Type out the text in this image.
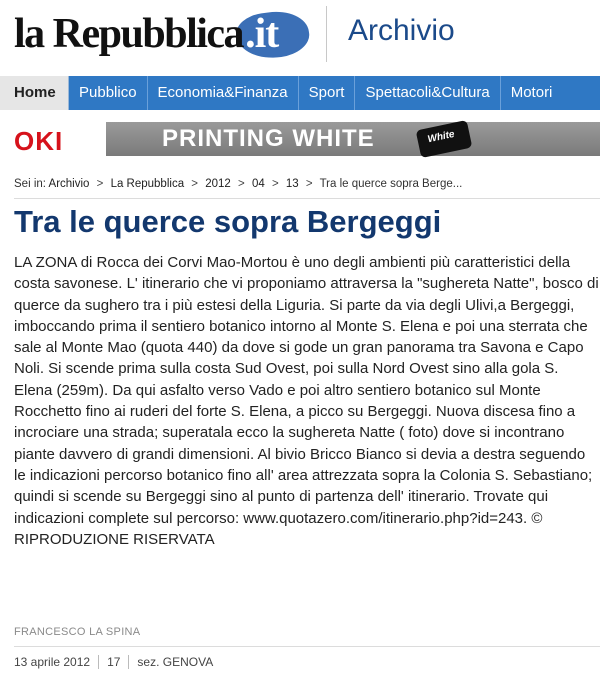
la Repubblica .it Archivio
Home	Pubblico	Economia&Finanza	Sport	Spettacoli&Cultura	Motori
OKI	PRINTING WHITE	White
Sei in: Archivio > La Repubblica > 2012 > 04 > 13 > Tra le querce sopra Berge...
Tra le querce sopra Bergeggi
LA ZONA di Rocca dei Corvi Mao-Mortou è uno degli ambienti più caratteristici della costa savonese. L' itinerario che vi proponiamo attraversa la "sughereta Natte", bosco di querce da sughero tra i più estesi della Liguria. Si parte da via degli Ulivi,a Bergeggi, imboccando prima il sentiero botanico intorno al Monte S. Elena e poi una sterrata che sale al Monte Mao (quota 440) da dove si gode un gran panorama tra Savona e Capo Noli. Si scende prima sulla costa Sud Ovest, poi sulla Nord Ovest sino alla gola S. Elena (259m). Da qui asfalto verso Vado e poi altro sentiero botanico sul Monte Rocchetto fino ai ruderi del forte S. Elena, a picco su Bergeggi. Nuova discesa fino a incrociare una strada; superatala ecco la sughereta Natte ( foto) dove si incontrano piante davvero di grandi dimensioni. Al bivio Bricco Bianco si devia a destra seguendo le indicazioni percorso botanico fino all' area attrezzata sopra la Colonia S. Sebastiano; quindi si scende su Bergeggi sino al punto di partenza dell' itinerario. Trovate qui indicazioni complete sul percorso: www.quotazero.com/itinerario.php?id=243. © RIPRODUZIONE RISERVATA
FRANCESCO LA SPINA
13 aprile 2012 17 sez. GENOVA
